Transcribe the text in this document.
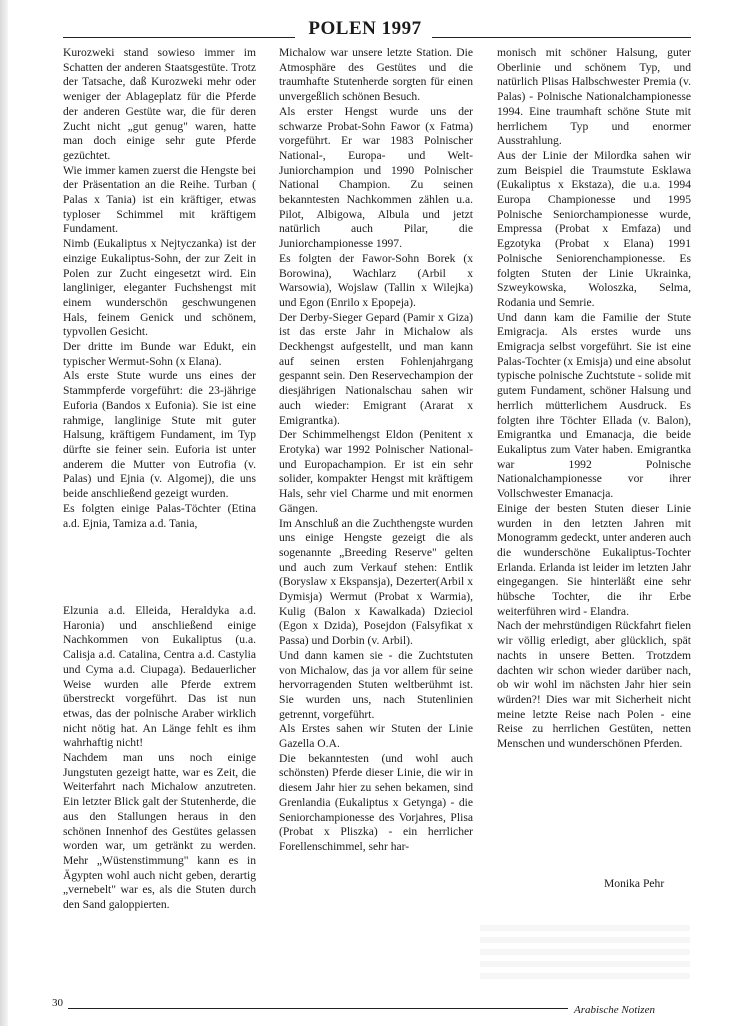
POLEN 1997

Kurozweki stand sowieso immer im Schatten der anderen Staatsgestüte. Trotz der Tatsache, daß Kurozweki mehr oder weniger der Ablageplatz für die Pferde der anderen Gestüte war, die für deren Zucht nicht „gut genug" waren, hatte man doch einige sehr gute Pferde gezüchtet.

Wie immer kamen zuerst die Hengste bei der Präsentation an die Reihe. Turban ( Palas x Tania) ist ein kräftiger, etwas typloser Schimmel mit kräftigem Fundament.

Nimb (Eukaliptus x Nejtyczanka) ist der einzige Eukaliptus-Sohn, der zur Zeit in Polen zur Zucht eingesetzt wird. Ein langliniger, eleganter Fuchshengst mit einem wunderschön geschwungenen Hals, feinem Genick und schönem, typvollen Gesicht.

Der dritte im Bunde war Edukt, ein typischer Wermut-Sohn (x Elana).

Als erste Stute wurde uns eines der Stammpferde vorgeführt: die 23-jährige Euforia (Bandos x Eufonia). Sie ist eine rahmige, langlinige Stute mit guter Halsung, kräftigem Fundament, im Typ dürfte sie feiner sein. Euforia ist unter anderem die Mutter von Eutrofia (v. Palas) und Ejnia (v. Algomej), die uns beide anschließend gezeigt wurden.

Es folgten einige Palas-Töchter (Etina a.d. Ejnia, Tamiza a.d. Tania,

Elzunia a.d. Elleida, Heraldyka a.d. Haronia) und anschließend einige Nachkommen von Eukaliptus (u.a. Calisja a.d. Catalina, Centra a.d. Castylia und Cyma a.d. Ciupaga). Bedauerlicher Weise wurden alle Pferde extrem überstreckt vorgeführt. Das ist nun etwas, das der polnische Araber wirklich nicht nötig hat. An Länge fehlt es ihm wahrhaftig nicht!

Nachdem man uns noch einige Jungstuten gezeigt hatte, war es Zeit, die Weiterfahrt nach Michalow anzutreten. Ein letzter Blick galt der Stutenherde, die aus den Stallungen heraus in den schönen Innenhof des Gestütes gelassen worden war, um getränkt zu werden. Mehr „Wüstenstimmung" kann es in Ägypten wohl auch nicht geben, derartig „vernebelt" war es, als die Stuten durch den Sand galoppierten.

Michalow war unsere letzte Station. Die Atmosphäre des Gestütes und die traumhafte Stutenherde sorgten für einen unvergeßlich schönen Besuch.

Als erster Hengst wurde uns der schwarze Probat-Sohn Fawor (x Fatma) vorgeführt. Er war 1983 Polnischer National-, Europa- und Welt-Juniorchampion und 1990 Polnischer National Champion. Zu seinen bekanntesten Nachkommen zählen u.a. Pilot, Albigowa, Albula und jetzt natürlich auch Pilar, die Juniorchampionesse 1997.

Es folgten der Fawor-Sohn Borek (x Borowina), Wachlarz (Arbil x Warsowia), Wojslaw (Tallin x Wilejka) und Egon (Enrilo x Epopeja).

Der Derby-Sieger Gepard (Pamir x Giza) ist das erste Jahr in Michalow als Deckhengst aufgestellt, und man kann auf seinen ersten Fohlenjahrgang gespannt sein. Den Reservechampion der diesjährigen Nationalschau sahen wir auch wieder: Emigrant (Ararat x Emigrantka).

Der Schimmelhengst Eldon (Penitent x Erotyka) war 1992 Polnischer National- und Europachampion. Er ist ein sehr solider, kompakter Hengst mit kräftigem Hals, sehr viel Charme und mit enormen Gängen.

Im Anschluß an die Zuchthengste wurden uns einige Hengste gezeigt die als sogenannte „Breeding Reserve" gelten und auch zum Verkauf stehen: Entlik (Boryslaw x Ekspansja), Dezerter(Arbil x Dymisja) Wermut (Probat x Warmia), Kulig (Balon x Kawalkada) Dzieciol (Egon x Dzida), Posejdon (Falsyfikat x Passa) und Dorbin (v. Arbil).

Und dann kamen sie - die Zuchtstuten von Michalow, das ja vor allem für seine hervorragenden Stuten weltberühmt ist. Sie wurden uns, nach Stutenlinien getrennt, vorgeführt.

Als Erstes sahen wir Stuten der Linie Gazella O.A.

Die bekanntesten (und wohl auch schönsten) Pferde dieser Linie, die wir in diesem Jahr hier zu sehen bekamen, sind Grenlandia (Eukaliptus x Getynga) - die Seniorchampionesse des Vorjahres, Plisa (Probat x Pliszka) - ein herrlicher Forellenschimmel, sehr har-

monisch mit schöner Halsung, guter Oberlinie und schönem Typ, und natürlich Plisas Halbschwester Premia (v. Palas) - Polnische Nationalchampionesse 1994. Eine traumhaft schöne Stute mit herrlichem Typ und enormer Ausstrahlung.

Aus der Linie der Milordka sahen wir zum Beispiel die Traumstute Esklawa (Eukaliptus x Ekstaza), die u.a. 1994 Europa Championesse und 1995 Polnische Seniorchampionesse wurde, Empressa (Probat x Emfaza) und Egzotyka (Probat x Elana) 1991 Polnische Seniorenchampionesse. Es folgten Stuten der Linie Ukrainka, Szweykowska, Woloszka, Selma, Rodania und Semrie.

Und dann kam die Familie der Stute Emigracja. Als erstes wurde uns Emigracja selbst vorgeführt. Sie ist eine Palas-Tochter (x Emisja) und eine absolut typische polnische Zuchtstute - solide mit gutem Fundament, schöner Halsung und herrlich mütterlichem Ausdruck. Es folgten ihre Töchter Ellada (v. Balon), Emigrantka und Emanacja, die beide Eukaliptus zum Vater haben. Emigrantka war 1992 Polnische Nationalchampionesse vor ihrer Vollschwester Emanacja.

Einige der besten Stuten dieser Linie wurden in den letzten Jahren mit Monogramm gedeckt, unter anderen auch die wunderschöne Eukaliptus-Tochter Erlanda. Erlanda ist leider im letzten Jahr eingegangen. Sie hinterläßt eine sehr hübsche Tochter, die ihr Erbe weiterführen wird - Elandra.

Nach der mehrstündigen Rückfahrt fielen wir völlig erledigt, aber glücklich, spät nachts in unsere Betten. Trotzdem dachten wir schon wieder darüber nach, ob wir wohl im nächsten Jahr hier sein würden?! Dies war mit Sicherheit nicht meine letzte Reise nach Polen - eine Reise zu herrlichen Gestüten, netten Menschen und wunderschönen Pferden.

Monika Pehr
30
Arabische Notizen
